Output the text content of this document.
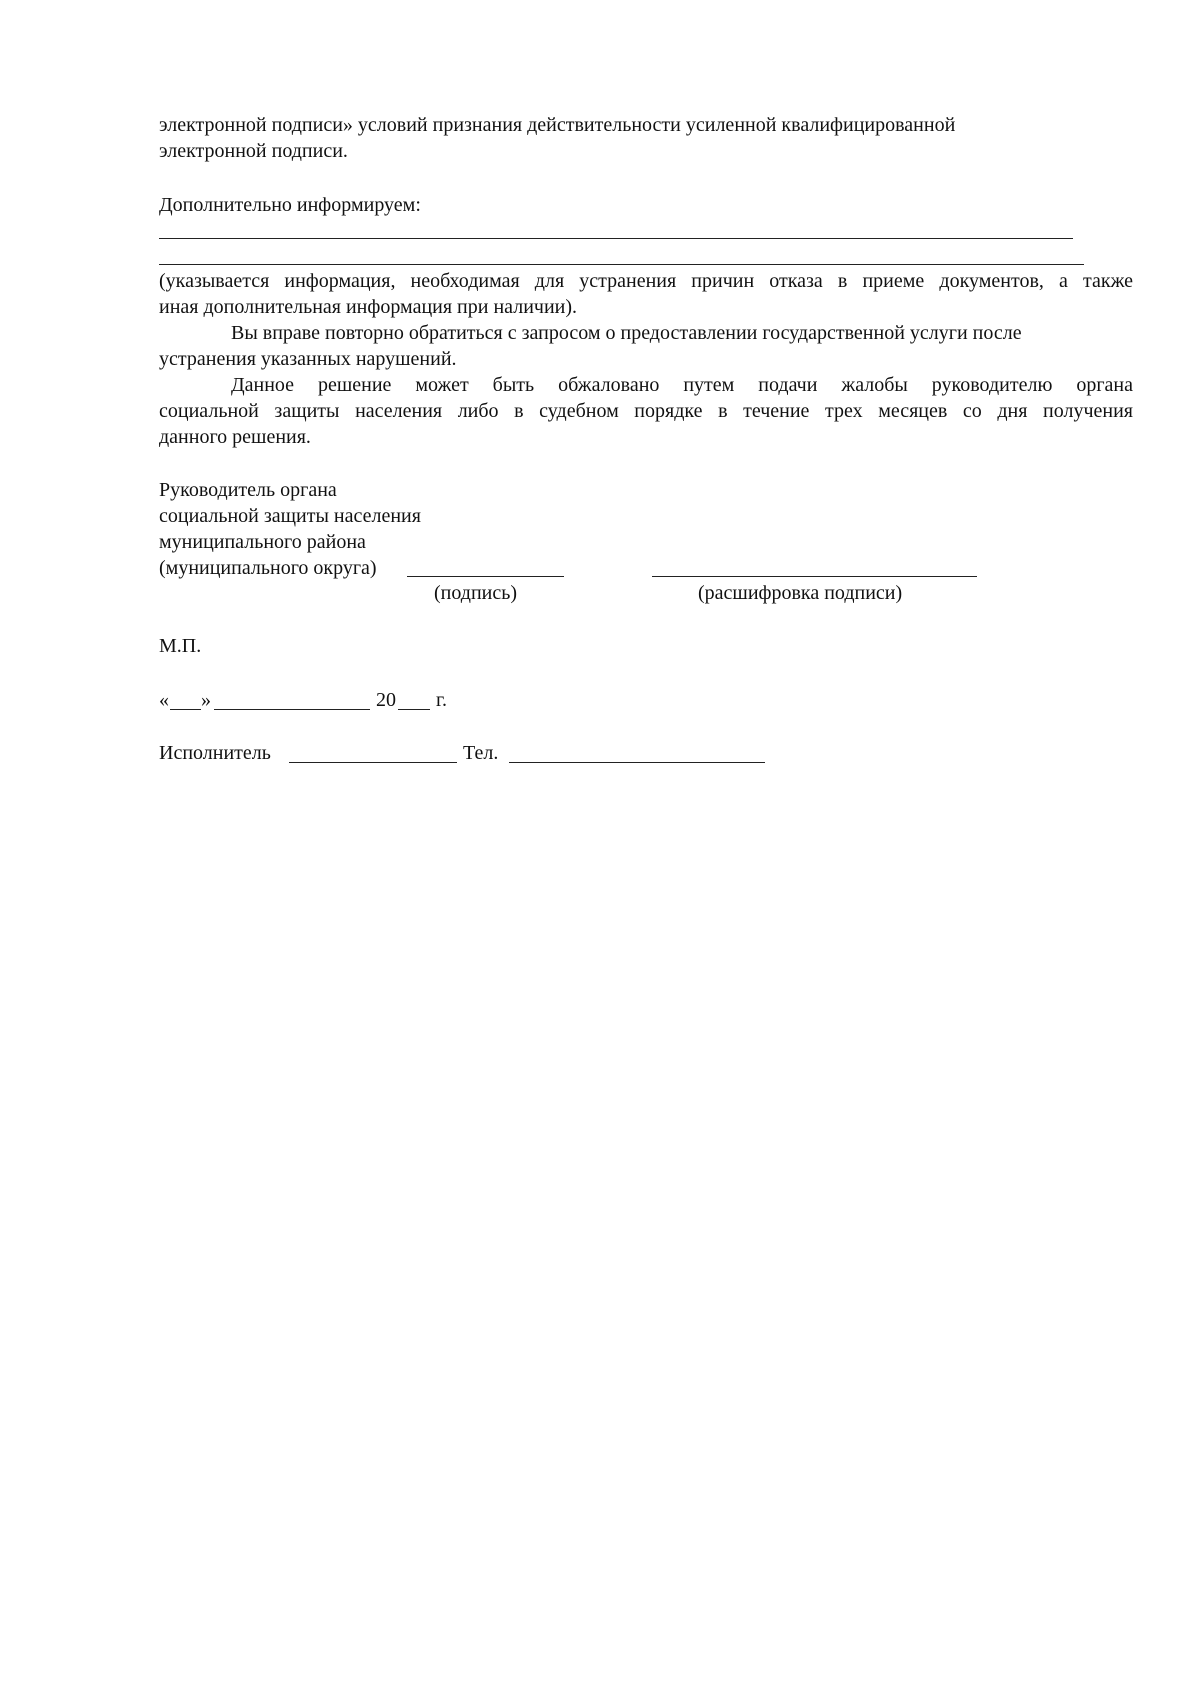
электронной подписи» условий признания действительности усиленной квалифицированной
электронной подписи.
Дополнительно информируем:
(указывается информация, необходимая для устранения причин отказа в приеме документов, а также
иная дополнительная информация при наличии).
Вы вправе повторно обратиться с запросом о предоставлении государственной услуги после
устранения указанных нарушений.
Данное решение может быть обжаловано путем подачи жалобы руководителю органа
социальной защиты населения либо в судебном порядке в течение трех месяцев со дня получения
данного решения.
Руководитель органа
социальной защиты населения
муниципального района
(муниципального округа)
(подпись)	(расшифровка подписи)
М.П.
« »	20 г.
Исполнитель	Тел.
